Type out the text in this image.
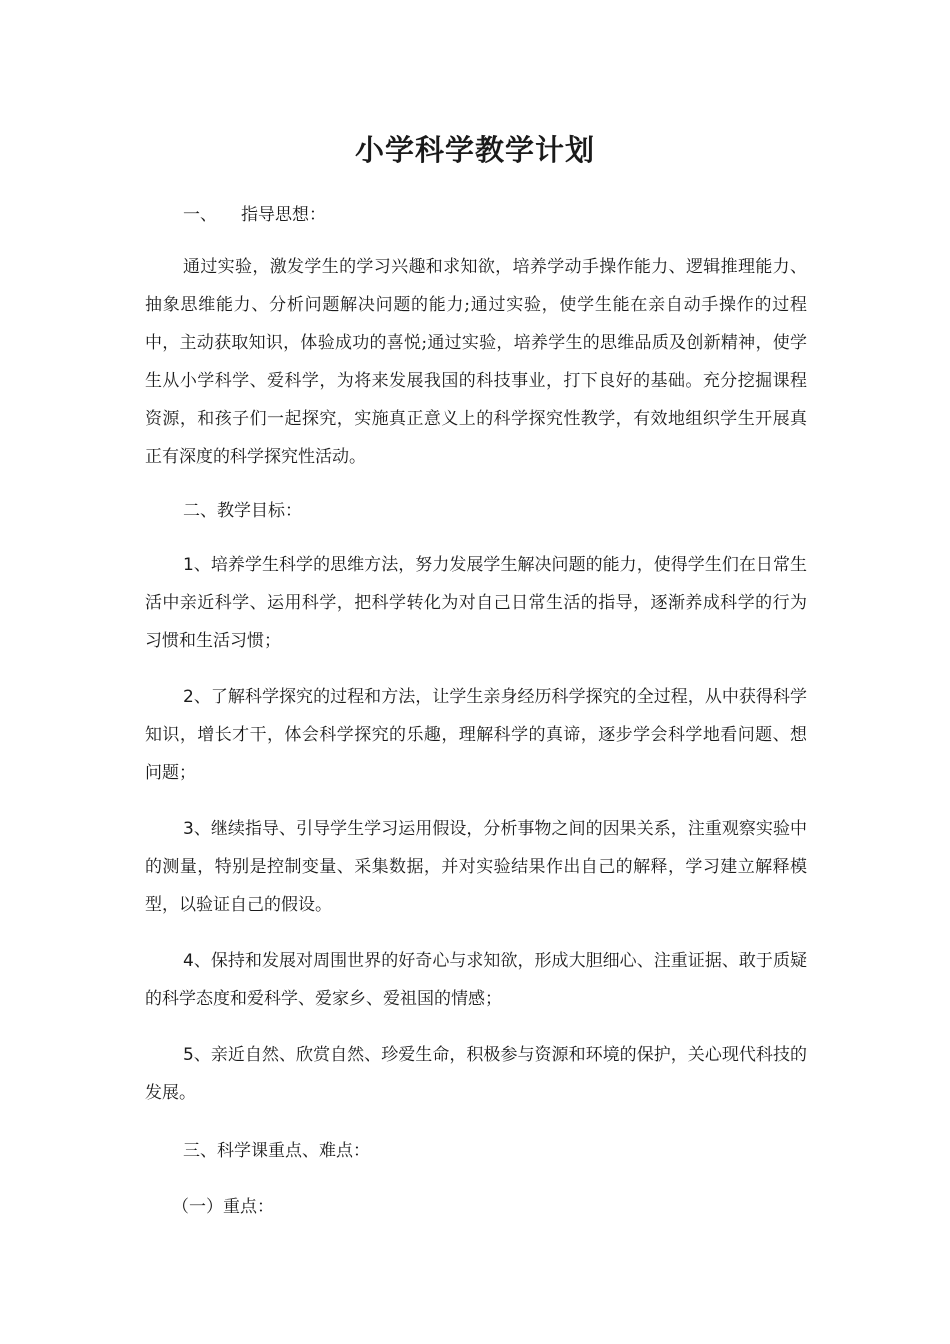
小学科学教学计划
一、 指导思想：

通过实验，激发学生的学习兴趣和求知欲，培养学动手操作能力、逻辑推理能力、抽象思维能力、分析问题解决问题的能力;通过实验，使学生能在亲自动手操作的过程中，主动获取知识，体验成功的喜悦;通过实验，培养学生的思维品质及创新精神，使学生从小学科学、爱科学，为将来发展我国的科技事业，打下良好的基础。充分挖掘课程资源，和孩子们一起探究，实施真正意义上的科学探究性教学，有效地组织学生开展真正有深度的科学探究性活动。

二、教学目标：

1、培养学生科学的思维方法，努力发展学生解决问题的能力，使得学生们在日常生活中亲近科学、运用科学，把科学转化为对自己日常生活的指导，逐渐养成科学的行为习惯和生活习惯；

2、了解科学探究的过程和方法，让学生亲身经历科学探究的全过程，从中获得科学知识，增长才干，体会科学探究的乐趣，理解科学的真谛，逐步学会科学地看问题、想问题；

3、继续指导、引导学生学习运用假设，分析事物之间的因果关系，注重观察实验中的测量，特别是控制变量、采集数据，并对实验结果作出自己的解释，学习建立解释模型，以验证自己的假设。

4、保持和发展对周围世界的好奇心与求知欲，形成大胆细心、注重证据、敢于质疑的科学态度和爱科学、爱家乡、爱祖国的情感；

5、亲近自然、欣赏自然、珍爱生命，积极参与资源和环境的保护，关心现代科技的发展。

三、科学课重点、难点：

（一）重点：
